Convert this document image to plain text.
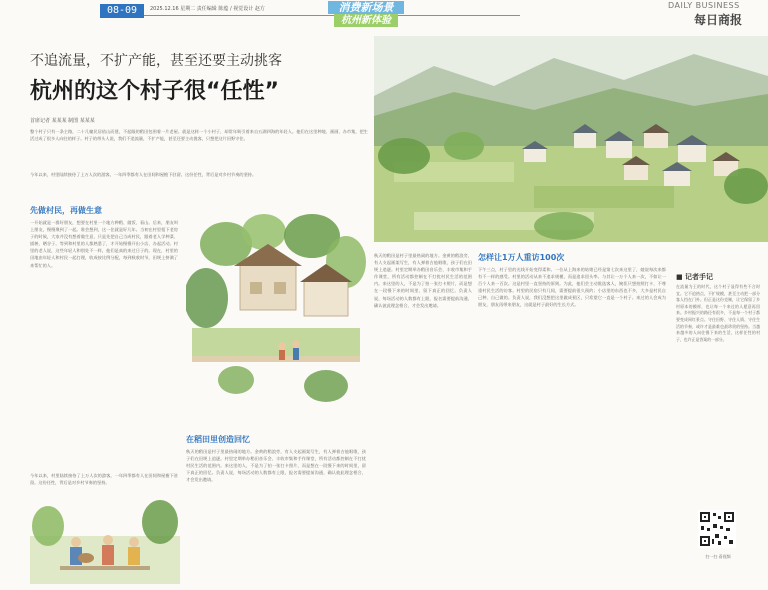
08-09	2025.12.16 星期二 责任编辑 陈蕴 / 视觉设计 赵方	消费新场景
杭州新体验
DAILY BUSINESS
每日商报
不追流量，不扩产能，甚至还要主动挑客
杭州的这个村子很“任性”
首席记者 某某某 制图 某某某
整个村子只有一条主路，二十几幢民居依山而建，不起眼的稻田包围着一片老屋。就是这样一个小村子，却常年吸引着来自五湖四海的年轻人。他们在这里种地、画画、办市集，把生活过成了很多人向往的样子。村子的带头人说，我们不追流量，不扩产能，甚至还要主动挑客，只想把这片田野守住。
今年以来，村里陆续接待了上万人次的游客，一年四季都有人在田间和屋檐下驻留。这份任性，背后是对乡村节奏的坚持。
先做村民，再做生意
一开始就是一群好朋友，想要在村里一个地方种稻、做饭、看山。后来，朋友叫上朋友，慢慢聚到了一起。谁会想到，这一住就是好几年。当初在村里租下老房子的时候，大家并没有想着做生意，只是先把自己当成村民，跟着老人学种菜、插秧、晒谷子。等到和村里的人都熟悉了，才开始慢慢开出小店、办起活动。村里的老人说，这些年轻人和别处不一样，他们是真的来过日子的。现在，村里的田地由年轻人和村民一起打理，收成按比例分配，每到秋收时节，田埂上挤满了来帮忙的人。
今年以来，村里陆续接待了上万人次的游客，一年四季都有人在田间和屋檐下驻留。这份任性，背后是对乡村节奏的坚持。
在稻田里创造回忆
秋天的稻田是村子里最热闹的地方。金黄的稻浪旁，有人支起画架写生，有人弹着吉他唱歌，孩子们在田埂上追逐。村里定期举办稻田音乐会、丰收市集和手作课堂，所有活动都控制在不打扰村民生活的范围内。来这里的人，不是为了拍一张打卡照片，而是想在一段慢下来的时间里，留下真正的回忆。负责人说，每场活动的人数都有上限，报名需要提前沟通，确认彼此理念相合，才会发出邀请。
怎样让1万人重访100次
下午三点，村子里的光线开始变得柔和。一位从上海来的姑娘已经是第七次来这里了，她说每次来都有不一样的感受。村里的活动从来不追求规模，而是追求回头率。与其让一万个人来一次，不如让一百个人来一百次。这是村里一直坚持的原则。为此，他们会主动挑选客人，婉拒只想拍照打卡、不尊重村民生活的访客。村里的民宿只有几间，需要提前很久预约；小店里的东西也不多，大多是村民自己种、自己做的。负责人说，我们没想把这里做成景区，只希望它一直是一个村子。来过的人会成为朋友，朋友再带来朋友，这就是村子最好的生长方式。
秋天的稻田是村子里最热闹的地方。金黄的稻浪旁，有人支起画架写生，有人弹着吉他唱歌，孩子们在田埂上追逐。村里定期举办稻田音乐会、丰收市集和手作课堂，所有活动都控制在不打扰村民生活的范围内。来这里的人，不是为了拍一张打卡照片，而是想在一段慢下来的时间里，留下真正的回忆。负责人说，每场活动的人数都有上限，报名需要提前沟通，确认彼此理念相合，才会发出邀请。
■ 记者手记
在流量为王的时代，这个村子显得有些不合时宜。它不追热点，不扩规模，甚至主动把一部分客人挡在门外。但正是这份克制，让它保留了乡村原本的模样，也让每一个来过的人愿意再回来。乡村振兴的路径有很多，不是每一个村子都要变成网红景点。守住田野、守住人情、守住生活的节奏，或许才是最难也最珍贵的坚持。当越来越多的人向往慢下来的生活，这样任性的村子，也许正是答案的一部分。
扫一扫 看视频
